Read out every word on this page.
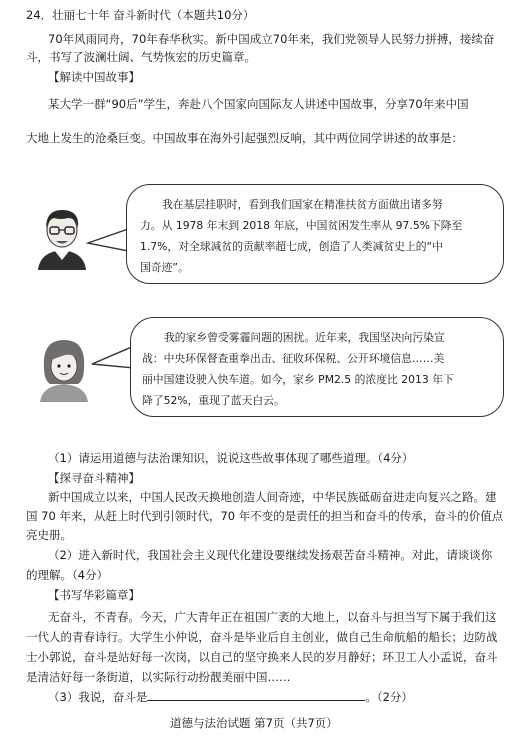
24．壮丽七十年 奋斗新时代（本题共10分）
70年风雨同舟，70年春华秋实。新中国成立70年来，我们党领导人民努力拼搏，接续奋
斗，书写了波澜壮阔、气势恢宏的历史篇章。
【解读中国故事】
某大学一群“90后”学生，奔赴八个国家向国际友人讲述中国故事，分享70年来中国
大地上发生的沧桑巨变。中国故事在海外引起强烈反响，其中两位同学讲述的故事是：
我在基层挂职时，看到我们国家在精准扶贫方面做出诸多努
力。从 1978 年末到 2018 年底，中国贫困发生率从 97.5%下降至
1.7%，对全球减贫的贡献率超七成，创造了人类减贫史上的“中
国奇迹”。
我的家乡曾受雾霾问题的困扰。近年来，我国坚决向污染宣
战：中央环保督查重拳出击、征收环保税、公开环境信息……美
丽中国建设驶入快车道。如今，家乡 PM2.5 的浓度比 2013 年下
降了52%，重现了蓝天白云。
（1）请运用道德与法治课知识，说说这些故事体现了哪些道理。（4分）
【探寻奋斗精神】
新中国成立以来，中国人民改天换地创造人间奇迹，中华民族砥砺奋进走向复兴之路。建
国 70 年来，从赶上时代到引领时代，70 年不变的是责任的担当和奋斗的传承，奋斗的价值点
亮史册。
（2）进入新时代，我国社会主义现代化建设要继续发扬艰苦奋斗精神。对此，请谈谈你
的理解。（4分）
【书写华彩篇章】
无奋斗，不青春。今天，广大青年正在祖国广袤的大地上，以奋斗与担当写下属于我们这
一代人的青春诗行。大学生小仲说，奋斗是毕业后自主创业，做自己生命航船的船长；边防战
士小郭说，奋斗是站好每一次岗，以自己的坚守换来人民的岁月静好；环卫工人小孟说，奋斗
是清洁好每一条街道，以实际行动扮靓美丽中国……
（3）我说，奋斗是	。（2分）
道德与法治试题 第7页（共7页）
